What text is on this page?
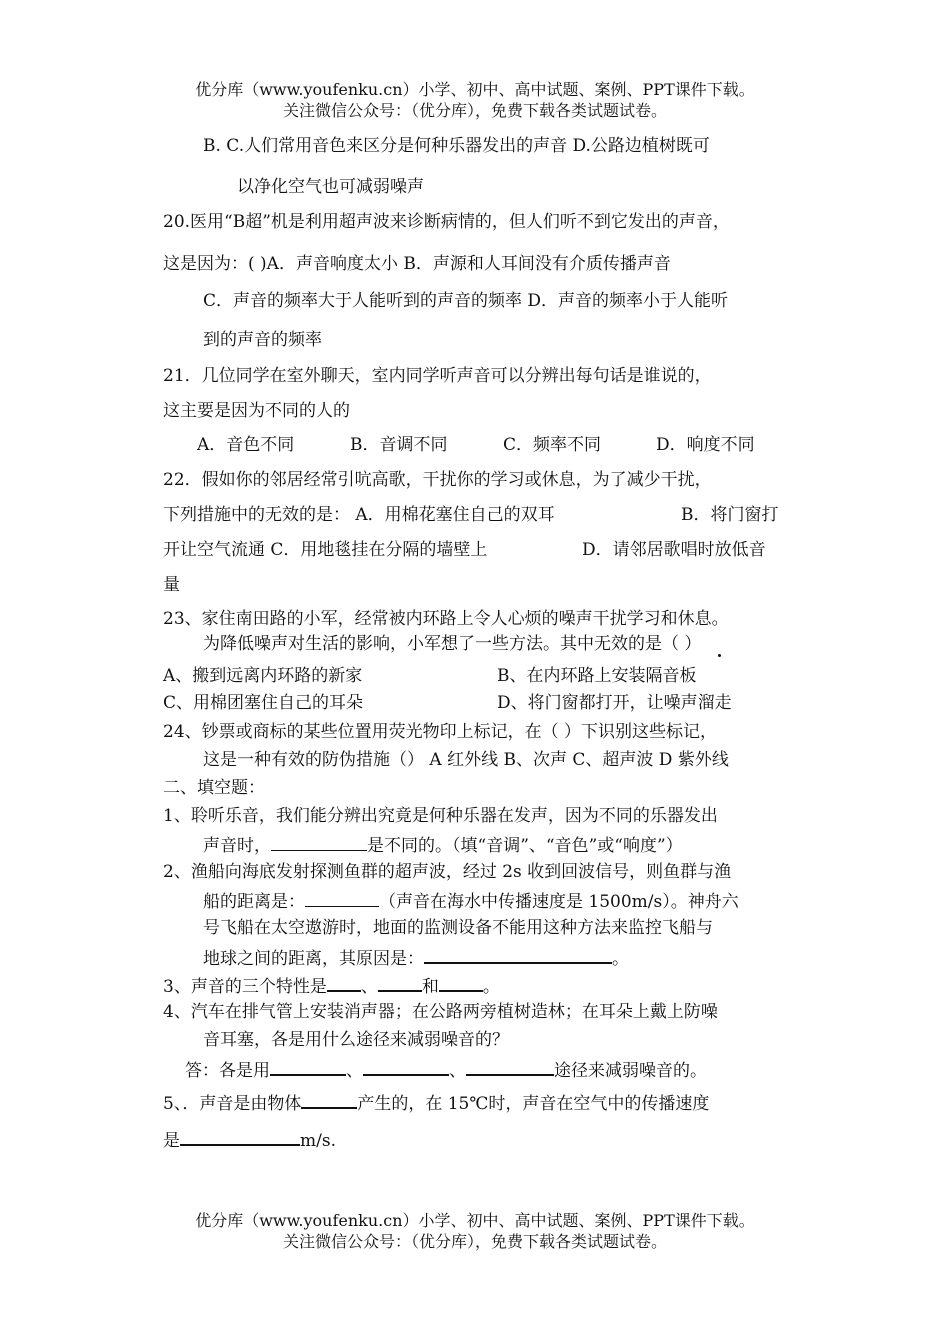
优分库（www.youfenku.cn）小学、初中、高中试题、案例、PPT课件下载。
关注微信公众号：（优分库），免费下载各类试题试卷。
B. C.人们常用音色来区分是何种乐器发出的声音 D.公路边植树既可
以净化空气也可减弱噪声
20.医用“B超”机是利用超声波来诊断病情的，但人们听不到它发出的声音，
这是因为：( )A．声音响度太小 B．声源和人耳间没有介质传播声音
C．声音的频率大于人能听到的声音的频率 D．声音的频率小于人能听
到的声音的频率
21．几位同学在室外聊天，室内同学听声音可以分辨出每句话是谁说的，
这主要是因为不同的人的
A．音色不同	B．音调不同	C．频率不同	D．响度不同
22．假如你的邻居经常引吭高歌，干扰你的学习或休息，为了减少干扰，
下列措施中的无效的是： A．用棉花塞住自己的双耳	B．将门窗打
开让空气流通 C．用地毯挂在分隔的墙壁上	D．请邻居歌唱时放低音
量
23、家住南田路的小军，经常被内环路上令人心烦的噪声干扰学习和休息。
为降低噪声对生活的影响，小军想了一些方法。其中无效的是（ ）
A、搬到远离内环路的新家	B、在内环路上安装隔音板
C、用棉团塞住自己的耳朵	D、将门窗都打开，让噪声溜走
24、钞票或商标的某些位置用荧光物印上标记，在（ ）下识别这些标记，
这是一种有效的防伪措施（） A 红外线 B、次声 C、超声波 D 紫外线
二、填空题：
1、聆听乐音，我们能分辨出究竟是何种乐器在发声，因为不同的乐器发出
声音时，	是不同的。（填“音调”、“音色”或“响度”）
2、渔船向海底发射探测鱼群的超声波，经过 2s 收到回波信号，则鱼群与渔
船的距离是：	（声音在海水中传播速度是 1500m/s）。神舟六
号飞船在太空遨游时，地面的监测设备不能用这种方法来监控飞船与
地球之间的距离，其原因是：	。
3、声音的三个特性是 、	和	。
4、汽车在排气管上安装消声器；在公路两旁植树造林；在耳朵上戴上防噪
音耳塞，各是用什么途径来减弱噪音的？
答：各是用	、	、	途径来减弱噪音的。
5、．声音是由物体	产生的，在 15℃时，声音在空气中的传播速度
是	m/s.
优分库（www.youfenku.cn）小学、初中、高中试题、案例、PPT课件下载。
关注微信公众号：（优分库），免费下载各类试题试卷。
